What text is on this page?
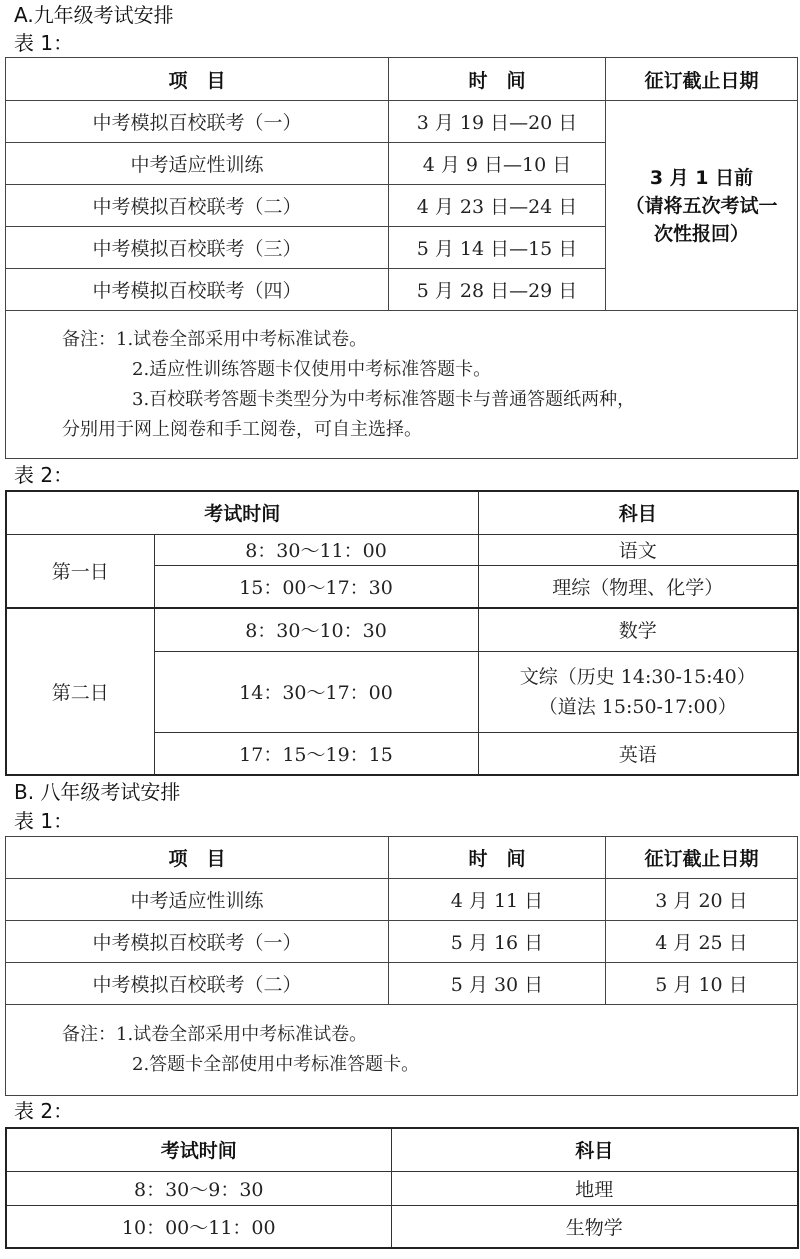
A.九年级考试安排
表 1：
项　目	时　间	征订截止日期
中考模拟百校联考（一）	3 月 19 日—20 日	3 月 1 日前
（请将五次考试一
次性报回）

中考适应性训练	4 月 9 日—10 日	
中考模拟百校联考（二）	4 月 23 日—24 日	
中考模拟百校联考（三）	5 月 14 日—15 日	
中考模拟百校联考（四）	5 月 28 日—29 日	

备注：1.试卷全部采用中考标准试卷。
2.适应性训练答题卡仅使用中考标准答题卡。
3.百校联考答题卡类型分为中考标准答题卡与普通答题纸两种，
分别用于网上阅卷和手工阅卷，可自主选择。		
表 2：
考试时间		科目
第一日	8：30～11：00	语文
	15：00～17：30	理综（物理、化学）
第二日	8：30～10：30	数学
	14：30～17：00	文综（历史 14:30-15:40）
（道法 15:50-17:00）

	17：15～19：15	英语
B. 八年级考试安排
表 1：
项　目	时　间	征订截止日期
中考适应性训练	4 月 11 日	3 月 20 日
中考模拟百校联考（一）	5 月 16 日	4 月 25 日
中考模拟百校联考（二）	5 月 30 日	5 月 10 日

备注：1.试卷全部采用中考标准试卷。
2.答题卡全部使用中考标准答题卡。		
表 2：
考试时间	科目
8：30～9：30	地理
10：00～11：00	生物学
